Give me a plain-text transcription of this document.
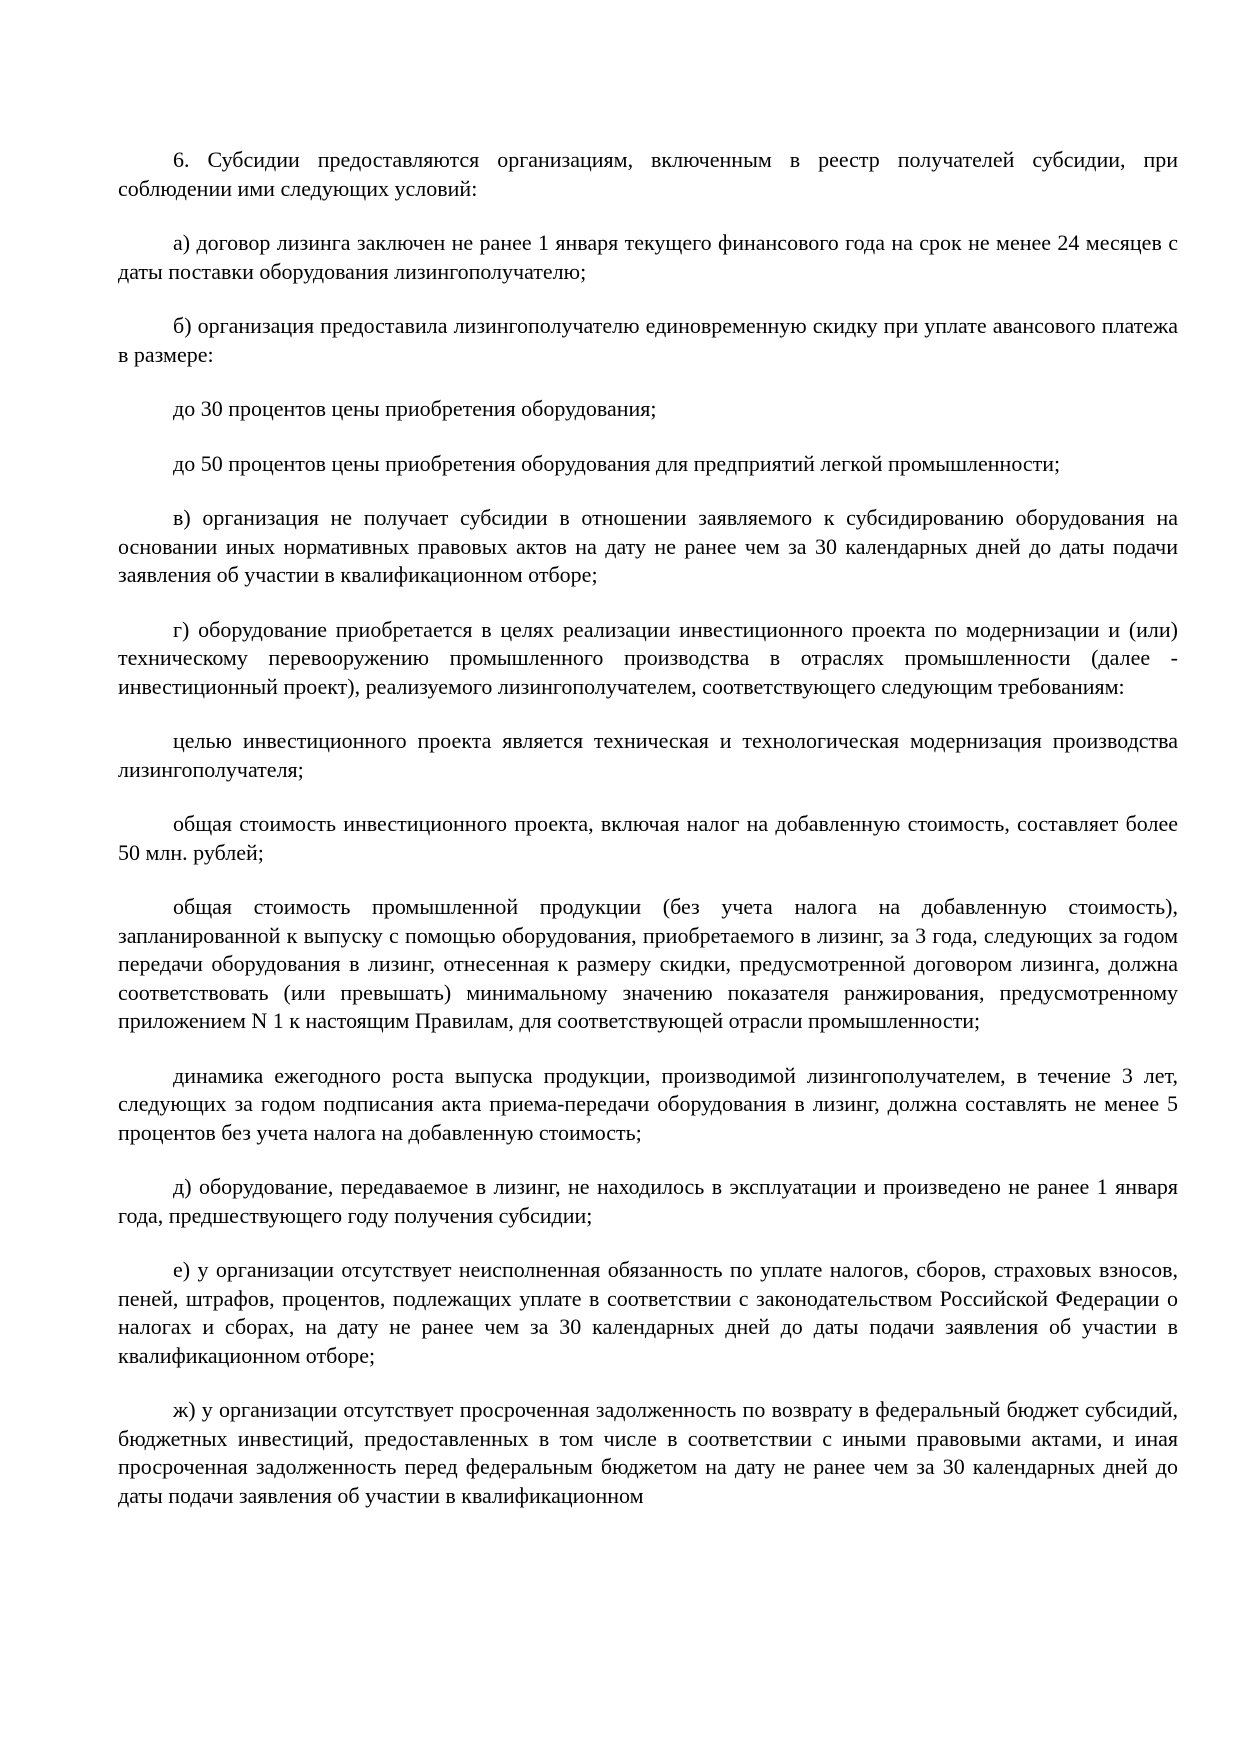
6. Субсидии предоставляются организациям, включенным в реестр получателей субсидии, при соблюдении ими следующих условий:

а) договор лизинга заключен не ранее 1 января текущего финансового года на срок не менее 24 месяцев с даты поставки оборудования лизингополучателю;

б) организация предоставила лизингополучателю единовременную скидку при уплате авансового платежа в размере:

до 30 процентов цены приобретения оборудования;

до 50 процентов цены приобретения оборудования для предприятий легкой промышленности;

в) организация не получает субсидии в отношении заявляемого к субсидированию оборудования на основании иных нормативных правовых актов на дату не ранее чем за 30 календарных дней до даты подачи заявления об участии в квалификационном отборе;

г) оборудование приобретается в целях реализации инвестиционного проекта по модернизации и (или) техническому перевооружению промышленного производства в отраслях промышленности (далее - инвестиционный проект), реализуемого лизингополучателем, соответствующего следующим требованиям:

целью инвестиционного проекта является техническая и технологическая модернизация производства лизингополучателя;

общая стоимость инвестиционного проекта, включая налог на добавленную стоимость, составляет более 50 млн. рублей;

общая стоимость промышленной продукции (без учета налога на добавленную стоимость), запланированной к выпуску с помощью оборудования, приобретаемого в лизинг, за 3 года, следующих за годом передачи оборудования в лизинг, отнесенная к размеру скидки, предусмотренной договором лизинга, должна соответствовать (или превышать) минимальному значению показателя ранжирования, предусмотренному приложением N 1 к настоящим Правилам, для соответствующей отрасли промышленности;

динамика ежегодного роста выпуска продукции, производимой лизингополучателем, в течение 3 лет, следующих за годом подписания акта приема-передачи оборудования в лизинг, должна составлять не менее 5 процентов без учета налога на добавленную стоимость;

д) оборудование, передаваемое в лизинг, не находилось в эксплуатации и произведено не ранее 1 января года, предшествующего году получения субсидии;

е) у организации отсутствует неисполненная обязанность по уплате налогов, сборов, страховых взносов, пеней, штрафов, процентов, подлежащих уплате в соответствии с законодательством Российской Федерации о налогах и сборах, на дату не ранее чем за 30 календарных дней до даты подачи заявления об участии в квалификационном отборе;

ж) у организации отсутствует просроченная задолженность по возврату в федеральный бюджет субсидий, бюджетных инвестиций, предоставленных в том числе в соответствии с иными правовыми актами, и иная просроченная задолженность перед федеральным бюджетом на дату не ранее чем за 30 календарных дней до даты подачи заявления об участии в квалификационном
